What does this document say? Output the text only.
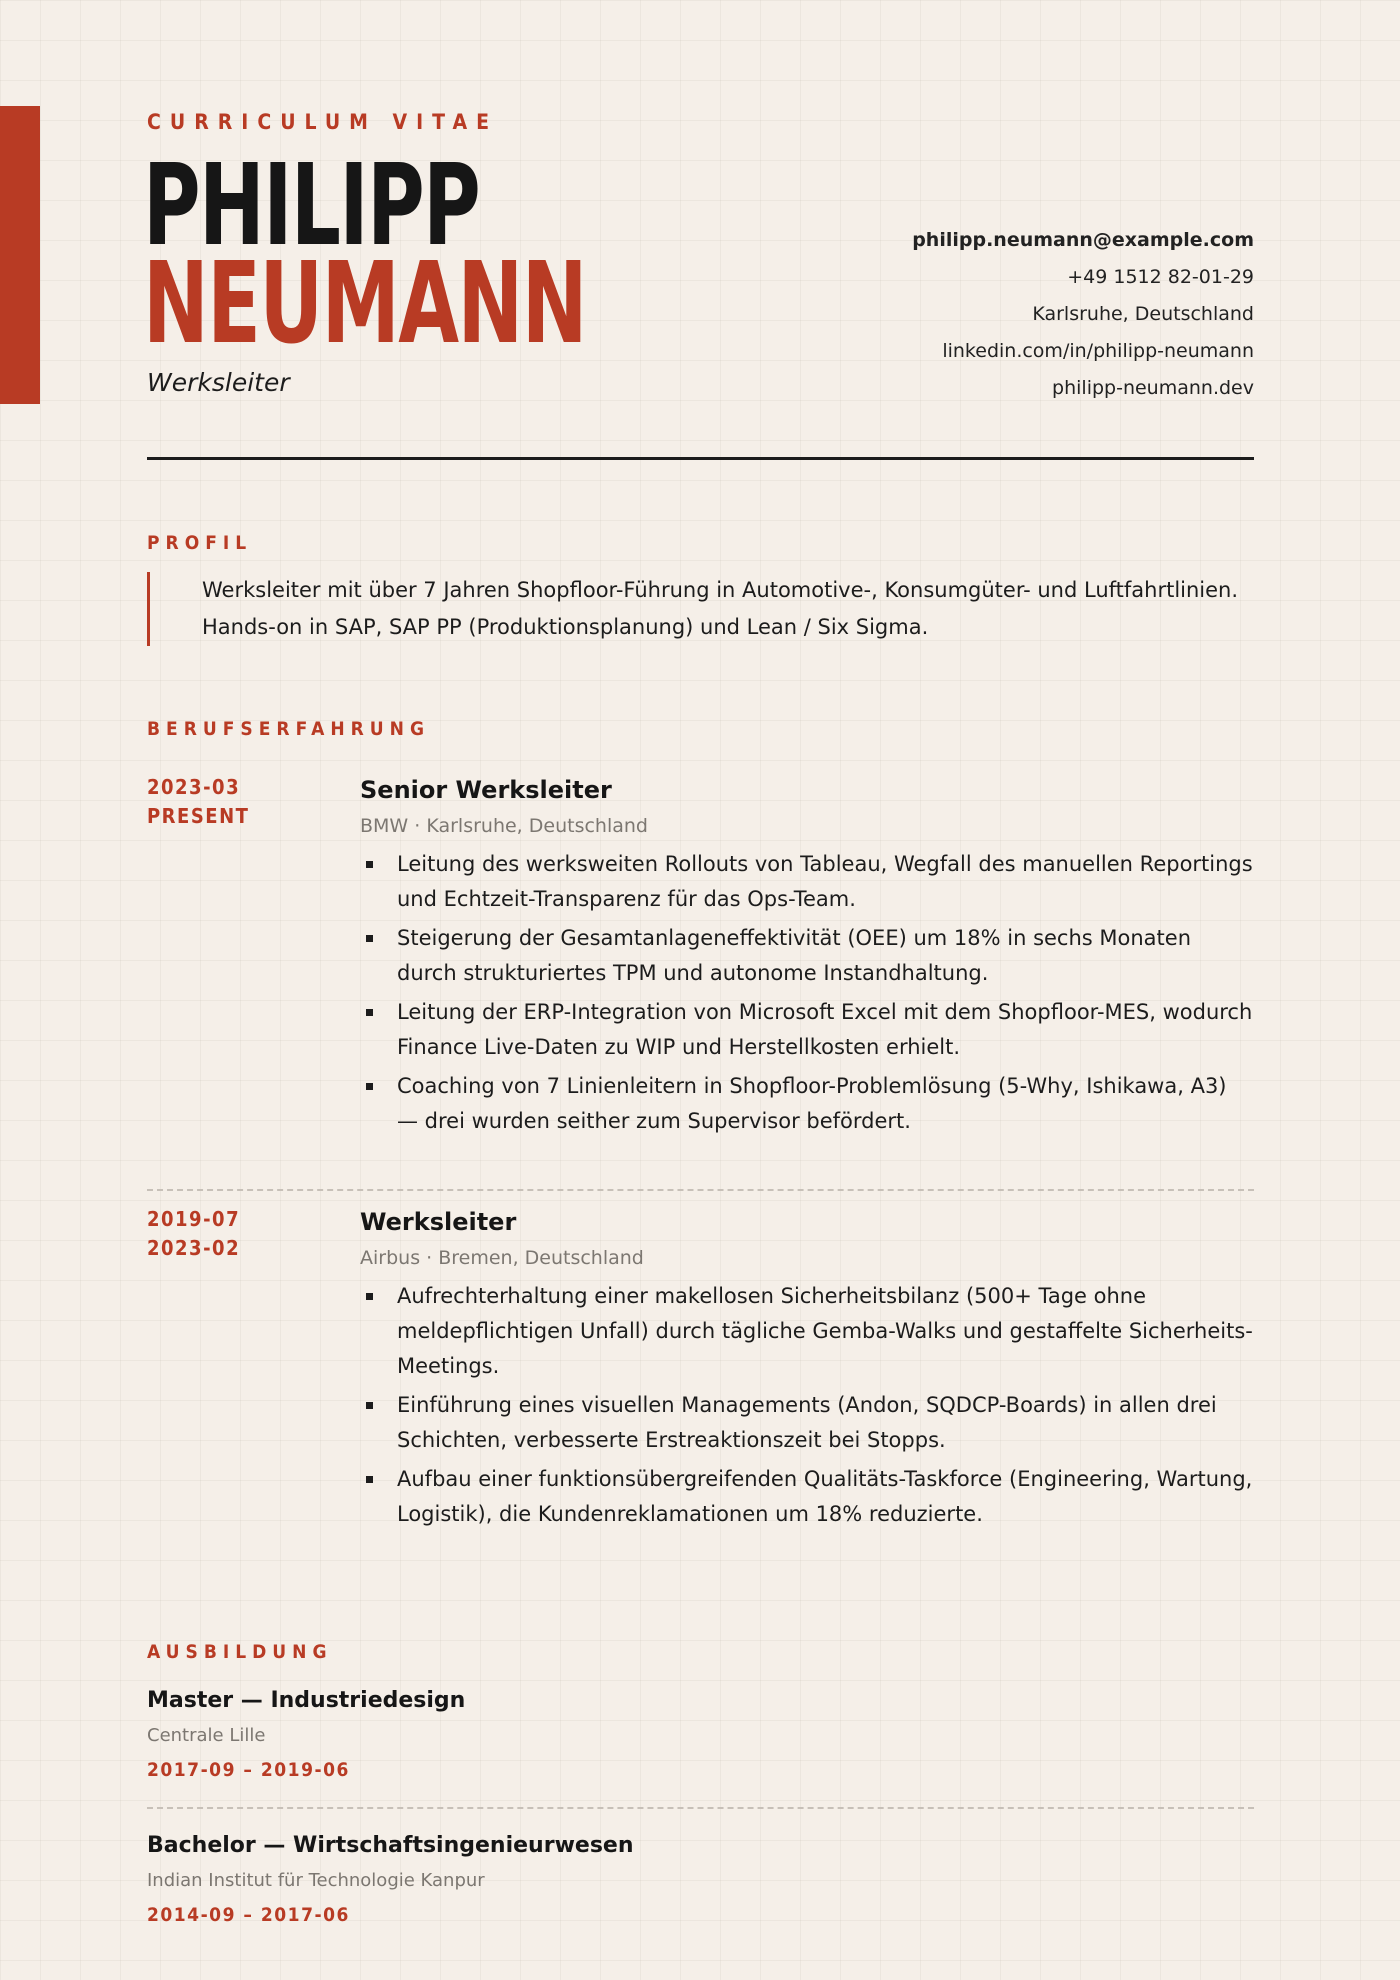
CURRICULUM VITAE
PHILIPP
NEUMANN
Werksleiter
philipp.neumann@example.com
+49 1512 82-01-29
Karlsruhe, Deutschland
linkedin.com/in/philipp-neumann
philipp-neumann.dev
PROFIL
Werksleiter mit über 7 Jahren Shopfloor-Führung in Automotive-, Konsumgüter- und Luftfahrtlinien. Hands-on in SAP, SAP PP (Produktionsplanung) und Lean / Six Sigma.
BERUFSERFAHRUNG
2023-03
PRESENT
Senior Werksleiter
BMW · Karlsruhe, Deutschland
Leitung des werksweiten Rollouts von Tableau, Wegfall des manuellen Reportings und Echtzeit-Transparenz für das Ops-Team.
Steigerung der Gesamtanlageneffektivität (OEE) um 18% in sechs Monaten durch strukturiertes TPM und autonome Instandhaltung.
Leitung der ERP-Integration von Microsoft Excel mit dem Shopfloor-MES, wodurch Finance Live-Daten zu WIP und Herstellkosten erhielt.
Coaching von 7 Linienleitern in Shopfloor-Problemlösung (5-Why, Ishikawa, A3) — drei wurden seither zum Supervisor befördert.
2019-07
2023-02
Werksleiter
Airbus · Bremen, Deutschland
Aufrechterhaltung einer makellosen Sicherheitsbilanz (500+ Tage ohne meldepflichtigen Unfall) durch tägliche Gemba-Walks und gestaffelte Sicherheits-Meetings.
Einführung eines visuellen Managements (Andon, SQDCP-Boards) in allen drei Schichten, verbesserte Erstreaktionszeit bei Stopps.
Aufbau einer funktionsübergreifenden Qualitäts-Taskforce (Engineering, Wartung, Logistik), die Kundenreklamationen um 18% reduzierte.
AUSBILDUNG
Master — Industriedesign
Centrale Lille
2017-09 – 2019-06
Bachelor — Wirtschaftsingenieurwesen
Indian Institut für Technologie Kanpur
2014-09 – 2017-06
